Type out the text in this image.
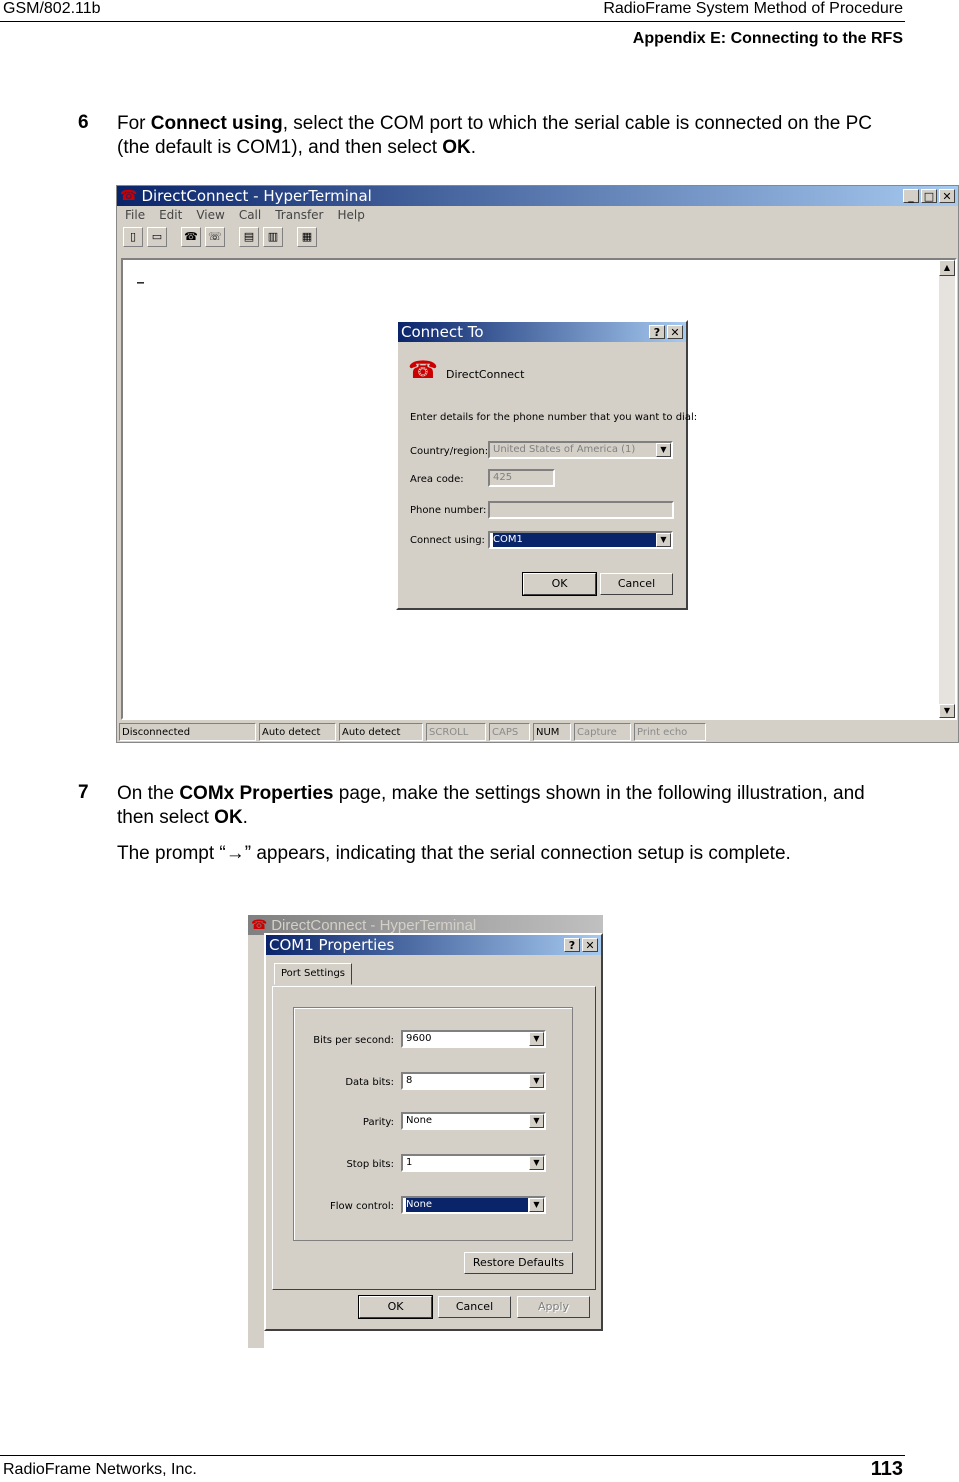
GSM/802.11b	RadioFrame System Method of Procedure
Appendix E: Connecting to the RFS
6 For Connect using, select the COM port to which the serial cable is connected on the PC (the default is COM1), and then select OK.
☎ DirectConnect - HyperTerminal	_ □ ✕
File Edit View Call Transfer Help
▯	▭	☎ ☏	▤	▥	▦
_
▲
▼
Disconnected	Auto detect	Auto detect	SCROLL	CAPS	NUM	Capture	Print echo
Connect To	? ✕
☎ DirectConnect
Enter details for the phone number that you want to dial:
Country/region: United States of America (1)	▼
Area code:	425
Phone number:
Connect using: COM1	▼
OK	Cancel
7 On the COMx Properties page, make the settings shown in the following illustration, and then select OK.
The prompt “→” appears, indicating that the serial connection setup is complete.
☎ DirectConnect - HyperTerminal
COM1 Properties	? ✕
Port Settings
Bits per second:	9600	▼
Data bits:	8	▼
Parity:	None	▼
Stop bits:	1	▼
Flow control:	None	▼
Restore Defaults
OK	Cancel	Apply
RadioFrame Networks, Inc.	113
